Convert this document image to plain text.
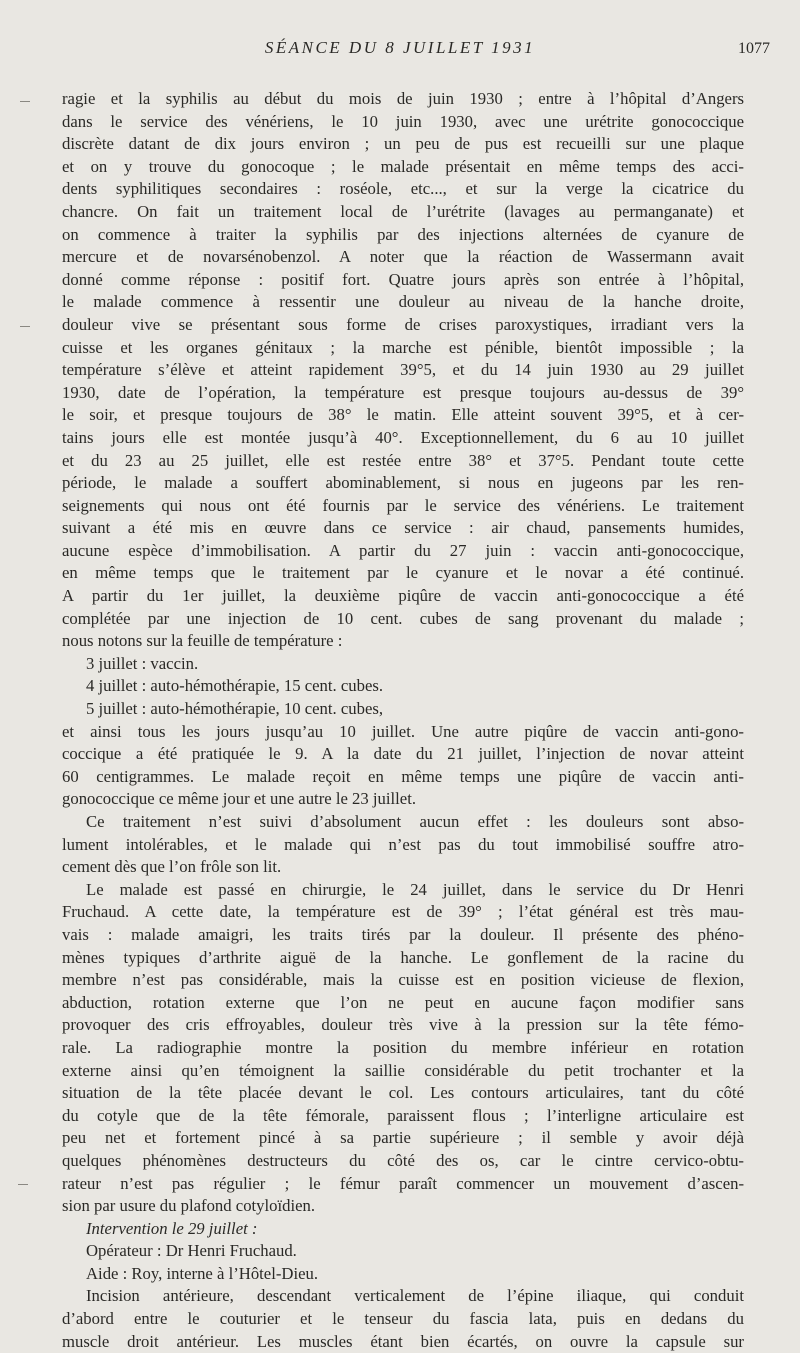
SÉANCE DU 8 JUILLET 1931	1077
ragie et la syphilis au début du mois de juin 1930 ; entre à l’hôpital d’Angers
dans le service des vénériens, le 10 juin 1930, avec une urétrite gonococcique
discrète datant de dix jours environ ; un peu de pus est recueilli sur une plaque
et on y trouve du gonocoque ; le malade présentait en même temps des acci-
dents syphilitiques secondaires : roséole, etc..., et sur la verge la cicatrice du
chancre. On fait un traitement local de l’urétrite (lavages au permanganate) et
on commence à traiter la syphilis par des injections alternées de cyanure de
mercure et de novarsénobenzol. A noter que la réaction de Wassermann avait
donné comme réponse : positif fort. Quatre jours après son entrée à l’hôpital,
le malade commence à ressentir une douleur au niveau de la hanche droite,
douleur vive se présentant sous forme de crises paroxystiques, irradiant vers la
cuisse et les organes génitaux ; la marche est pénible, bientôt impossible ; la
température s’élève et atteint rapidement 39°5, et du 14 juin 1930 au 29 juillet
1930, date de l’opération, la température est presque toujours au-dessus de 39°
le soir, et presque toujours de 38° le matin. Elle atteint souvent 39°5, et à cer-
tains jours elle est montée jusqu’à 40°. Exceptionnellement, du 6 au 10 juillet
et du 23 au 25 juillet, elle est restée entre 38° et 37°5. Pendant toute cette
période, le malade a souffert abominablement, si nous en jugeons par les ren-
seignements qui nous ont été fournis par le service des vénériens. Le traitement
suivant a été mis en œuvre dans ce service : air chaud, pansements humides,
aucune espèce d’immobilisation. A partir du 27 juin : vaccin anti-gonococcique,
en même temps que le traitement par le cyanure et le novar a été continué.
A partir du 1er juillet, la deuxième piqûre de vaccin anti-gonococcique a été
complétée par une injection de 10 cent. cubes de sang provenant du malade ;
nous notons sur la feuille de température :
3 juillet : vaccin.
4 juillet : auto-hémothérapie, 15 cent. cubes.
5 juillet : auto-hémothérapie, 10 cent. cubes,
et ainsi tous les jours jusqu’au 10 juillet. Une autre piqûre de vaccin anti-gono-
coccique a été pratiquée le 9. A la date du 21 juillet, l’injection de novar atteint
60 centigrammes. Le malade reçoit en même temps une piqûre de vaccin anti-
gonococcique ce même jour et une autre le 23 juillet.
Ce traitement n’est suivi d’absolument aucun effet : les douleurs sont abso-
lument intolérables, et le malade qui n’est pas du tout immobilisé souffre atro-
cement dès que l’on frôle son lit.
Le malade est passé en chirurgie, le 24 juillet, dans le service du Dr Henri
Fruchaud. A cette date, la température est de 39° ; l’état général est très mau-
vais : malade amaigri, les traits tirés par la douleur. Il présente des phéno-
mènes typiques d’arthrite aiguë de la hanche. Le gonflement de la racine du
membre n’est pas considérable, mais la cuisse est en position vicieuse de flexion,
abduction, rotation externe que l’on ne peut en aucune façon modifier sans
provoquer des cris effroyables, douleur très vive à la pression sur la tête fémo-
rale. La radiographie montre la position du membre inférieur en rotation
externe ainsi qu’en témoignent la saillie considérable du petit trochanter et la
situation de la tête placée devant le col. Les contours articulaires, tant du côté
du cotyle que de la tête fémorale, paraissent flous ; l’interligne articulaire est
peu net et fortement pincé à sa partie supérieure ; il semble y avoir déjà
quelques phénomènes destructeurs du côté des os, car le cintre cervico-obtu-
rateur n’est pas régulier ; le fémur paraît commencer un mouvement d’ascen-
sion par usure du plafond cotyloïdien.
Intervention le 29 juillet :
Opérateur : Dr Henri Fruchaud.
Aide : Roy, interne à l’Hôtel-Dieu.
Incision antérieure, descendant verticalement de l’épine iliaque, qui conduit
d’abord entre le couturier et le tenseur du fascia lata, puis en dedans du
muscle droit antérieur. Les muscles étant bien écartés, on ouvre la capsule sur
